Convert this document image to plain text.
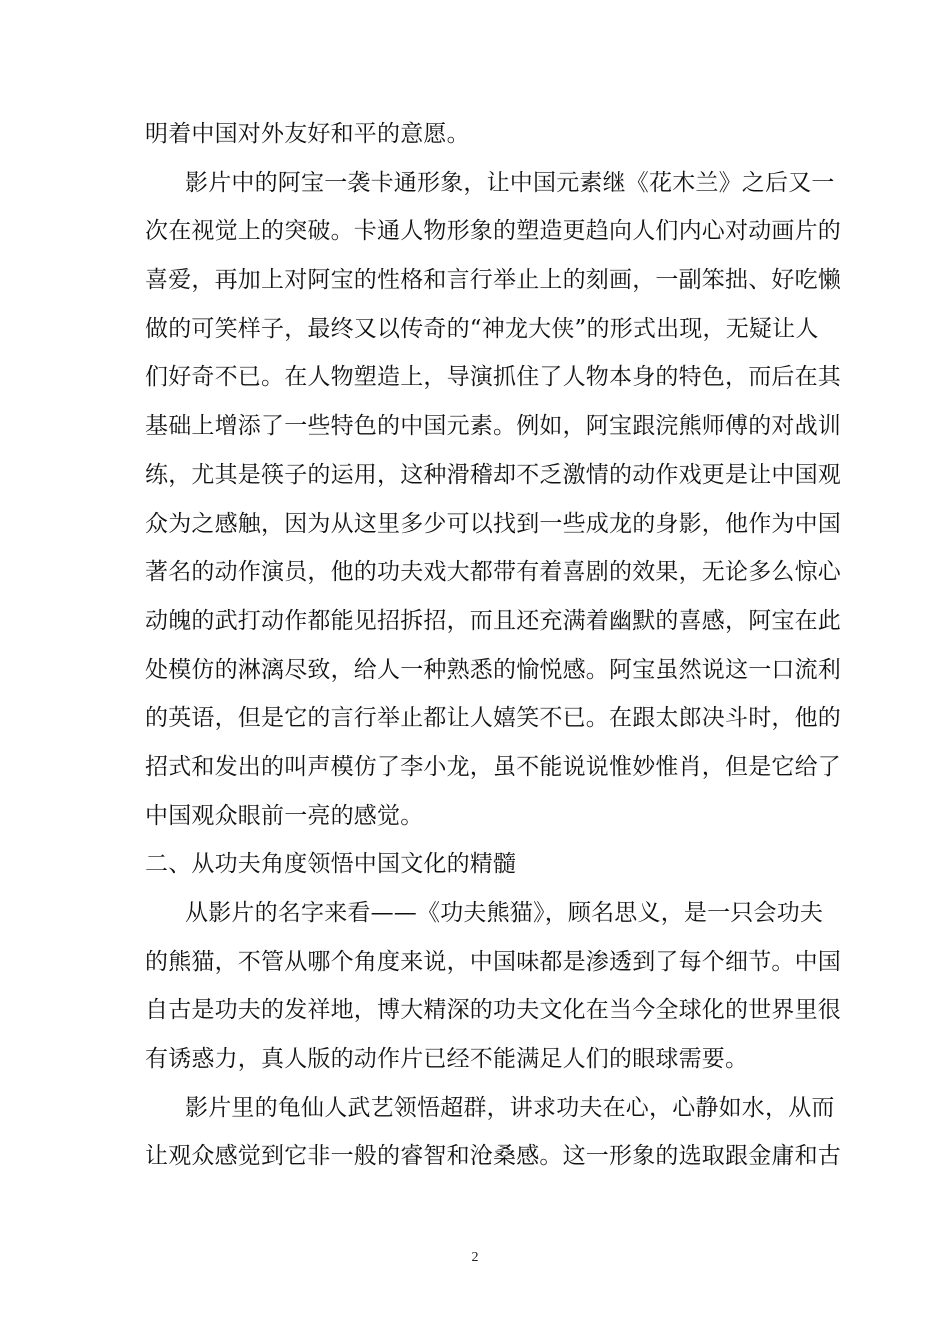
明着中国对外友好和平的意愿。
影片中的阿宝一袭卡通形象，让中国元素继《花木兰》之后又一
次在视觉上的突破。卡通人物形象的塑造更趋向人们内心对动画片的
喜爱，再加上对阿宝的性格和言行举止上的刻画，一副笨拙、好吃懒
做的可笑样子，最终又以传奇的“神龙大侠”的形式出现，无疑让人
们好奇不已。在人物塑造上，导演抓住了人物本身的特色，而后在其
基础上增添了一些特色的中国元素。例如，阿宝跟浣熊师傅的对战训
练，尤其是筷子的运用，这种滑稽却不乏激情的动作戏更是让中国观
众为之感触，因为从这里多少可以找到一些成龙的身影，他作为中国
著名的动作演员，他的功夫戏大都带有着喜剧的效果，无论多么惊心
动魄的武打动作都能见招拆招，而且还充满着幽默的喜感，阿宝在此
处模仿的淋漓尽致，给人一种熟悉的愉悦感。阿宝虽然说这一口流利
的英语，但是它的言行举止都让人嬉笑不已。在跟太郎决斗时，他的
招式和发出的叫声模仿了李小龙，虽不能说说惟妙惟肖，但是它给了
中国观众眼前一亮的感觉。
二、从功夫角度领悟中国文化的精髓
从影片的名字来看——《功夫熊猫》，顾名思义，是一只会功夫
的熊猫，不管从哪个角度来说，中国味都是渗透到了每个细节。中国
自古是功夫的发祥地，博大精深的功夫文化在当今全球化的世界里很
有诱惑力，真人版的动作片已经不能满足人们的眼球需要。
影片里的龟仙人武艺领悟超群，讲求功夫在心，心静如水，从而
让观众感觉到它非一般的睿智和沧桑感。这一形象的选取跟金庸和古
2
